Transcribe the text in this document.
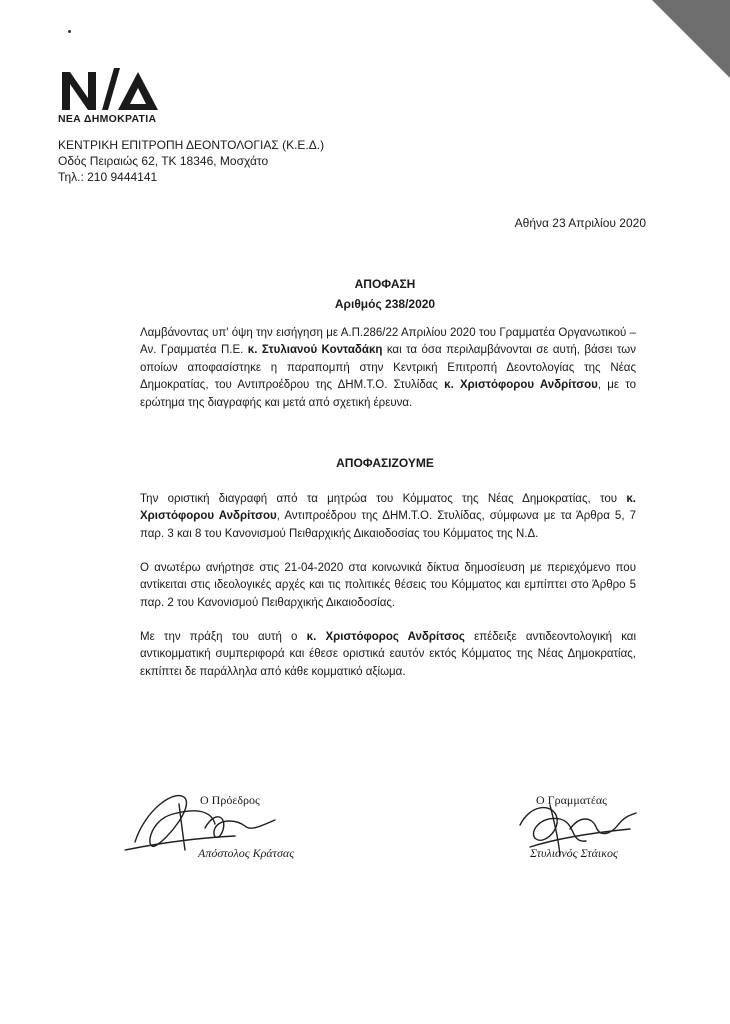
ΝΕΑ ΔΗΜΟΚΡΑΤΙΑ
ΚΕΝΤΡΙΚΗ ΕΠΙΤΡΟΠΗ ΔΕΟΝΤΟΛΟΓΙΑΣ (Κ.Ε.Δ.)
Οδός Πειραιώς 62, ΤΚ 18346, Μοσχάτο
Τηλ.: 210 9444141
Αθήνα 23 Απριλίου 2020
ΑΠΟΦΑΣΗ
Αριθμός 238/2020
Λαμβάνοντας υπ' όψη την εισήγηση με Α.Π.286/22 Απριλίου 2020 του Γραμματέα Οργανωτικού – Αν. Γραμματέα Π.Ε. κ. Στυλιανού Κονταδάκη και τα όσα περιλαμβάνονται σε αυτή, βάσει των οποίων αποφασίστηκε η παραπομπή στην Κεντρική Επιτροπή Δεοντολογίας της Νέας Δημοκρατίας, του Αντιπροέδρου της ΔΗΜ.Τ.Ο. Στυλίδας κ. Χριστόφορου Ανδρίτσου, με το ερώτημα της διαγραφής και μετά από σχετική έρευνα.
ΑΠΟΦΑΣΙΖΟΥΜΕ
Την οριστική διαγραφή από τα μητρώα του Κόμματος της Νέας Δημοκρατίας, του κ. Χριστόφορου Ανδρίτσου, Αντιπροέδρου της ΔΗΜ.Τ.Ο. Στυλίδας, σύμφωνα με τα Άρθρα 5, 7 παρ. 3 και 8 του Κανονισμού Πειθαρχικής Δικαιοδοσίας του Κόμματος της Ν.Δ.
Ο ανωτέρω ανήρτησε στις 21-04-2020 στα κοινωνικά δίκτυα δημοσίευση με περιεχόμενο που αντίκειται στις ιδεολογικές αρχές και τις πολιτικές θέσεις του Κόμματος και εμπίπτει στο Άρθρο 5 παρ. 2 του Κανονισμού Πειθαρχικής Δικαιοδοσίας.
Με την πράξη του αυτή ο κ. Χριστόφορος Ανδρίτσος επέδειξε αντιδεοντολογική και αντικομματική συμπεριφορά και έθεσε οριστικά εαυτόν εκτός Κόμματος της Νέας Δημοκρατίας, εκπίπτει δε παράλληλα από κάθε κομματικό αξίωμα.
Ο Πρόεδρος
Απόστολος Κράτσας
Ο Γραμματέας
Στυλιανός Στάικος
